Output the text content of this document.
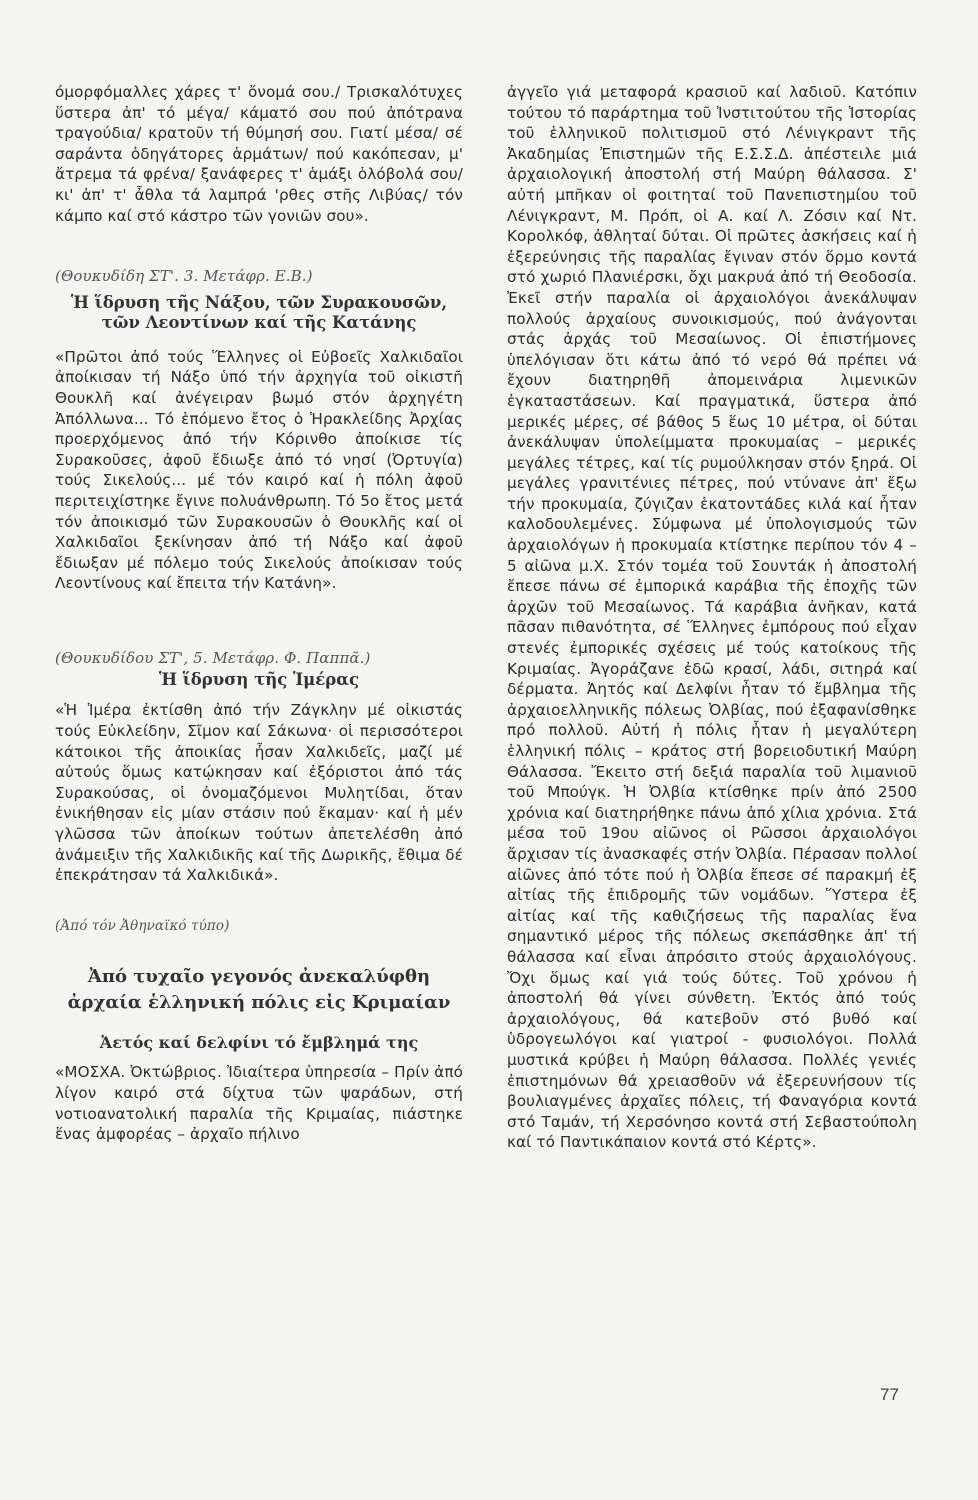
όμορφόμαλλες χάρες τ' ὄνομά σου./ Τρισκαλότυχες ὕστερα ἀπ' τό μέγα/ κάματό σου πού ἀπότρανα τραγούδια/ κρατοῦν τή θύμησή σου. Γιατί μέσα/ σέ σαράντα ὁδηγάτορες ἁρμάτων/ πού κακόπεσαν, μ' ἄτρεμα τά φρένα/ ξανάφερες τ' ἁμάξι ὁλόβολά σου/ κι' ἀπ' τ' ἆθλα τά λαμπρά 'ρθες στῆς Λιβύας/ τόν κάμπο καί στό κάστρο τῶν γονιῶν σου».

(Θουκυδίδη ΣΤ'. 3. Μετάφρ. Ε.Β.)

Ἡ ἵδρυση τῆς Νάξου, τῶν Συρακουσῶν, τῶν Λεοντίνων καί τῆς Κατάνης

«Πρῶτοι ἀπό τούς Ἕλληνες οἱ Εὐβοεῖς Χαλκιδαῖοι ἀποίκισαν τή Νάξο ὑπό τήν ἀρχηγία τοῦ οἰκιστῆ Θουκλῆ καί ἀνέγειραν βωμό στόν ἀρχηγέτη Ἀπόλλωνα... Τό ἑπόμενο ἔτος ὁ Ἡρακλείδης Ἀρχίας προερχόμενος ἀπό τήν Κόρινθο ἀποίκισε τίς Συρακοῦσες, ἀφοῦ ἔδιωξε ἀπό τό νησί (Ὀρτυγία) τούς Σικελούς... μέ τόν καιρό καί ἡ πόλη ἀφοῦ περιτειχίστηκε ἔγινε πολυάνθρωπη. Τό 5ο ἔτος μετά τόν ἀποικισμό τῶν Συρακουσῶν ὁ Θουκλῆς καί οἱ Χαλκιδαῖοι ξεκίνησαν ἀπό τή Νάξο καί ἀφοῦ ἔδιωξαν μέ πόλεμο τούς Σικελούς ἀποίκισαν τούς Λεοντίνους καί ἔπειτα τήν Κατάνη».

(Θουκυδίδου ΣΤ', 5. Μετάφρ. Φ. Παππᾶ.)

Ἡ ἵδρυση τῆς Ἱμέρας

«Ἡ Ἱμέρα ἐκτίσθη ἀπό τήν Ζάγκλην μέ οἰκιστάς τούς Εὐκλείδην, Σῖμον καί Σάκωνα· οἱ περισσότεροι κάτοικοι τῆς ἀποικίας ἦσαν Χαλκιδεῖς, μαζί μέ αὐτούς ὅμως κατῴκησαν καί ἐξόριστοι ἀπό τάς Συρακούσας, οἱ ὀνομαζόμενοι Μυλητίδαι, ὅταν ἐνικήθησαν εἰς μίαν στάσιν πού ἔκαμαν· καί ἡ μέν γλῶσσα τῶν ἀποίκων τούτων ἀπετελέσθη ἀπό ἀνάμειξιν τῆς Χαλκιδικῆς καί τῆς Δωρικῆς, ἔθιμα δέ ἐπεκράτησαν τά Χαλκιδικά».

(Ἀπό τόν Ἀθηναϊκό τύπο)

Ἀπό τυχαῖο γεγονός ἀνεκαλύφθη ἀρχαία ἑλληνική πόλις εἰς Κριμαίαν
Ἀετός καί δελφίνι τό ἔμβλημά της

«ΜΟΣΧΑ. Ὀκτώβριος. Ἰδιαίτερα ὑπηρεσία – Πρίν ἀπό λίγον καιρό στά δίχτυα τῶν ψαράδων, στή νοτιοανατολική παραλία τῆς Κριμαίας, πιάστηκε ἕνας ἀμφορέας – ἀρχαῖο πήλινο

ἀγγεῖο γιά μεταφορά κρασιοῦ καί λαδιοῦ. Κατόπιν τούτου τό παράρτημα τοῦ Ἰνστιτούτου τῆς Ἱστορίας τοῦ ἑλληνικοῦ πολιτισμοῦ στό Λένιγκραντ τῆς Ἀκαδημίας Ἐπιστημῶν τῆς Ε.Σ.Σ.Δ. ἀπέστειλε μιά ἀρχαιολογική ἀποστολή στή Μαύρη θάλασσα. Σ' αὐτή μπῆκαν οἱ φοιτηταί τοῦ Πανεπιστημίου τοῦ Λένιγκραντ, Μ. Πρόπ, οἱ Α. καί Λ. Ζόσιν καί Ντ. Κορολκόφ, ἀθληταί δύται. Οἱ πρῶτες ἀσκήσεις καί ἡ ἐξερεύνησις τῆς παραλίας ἔγιναν στόν ὅρμο κοντά στό χωριό Πλανιέρσκι, ὄχι μακρυά ἀπό τή Θεοδοσία. Ἐκεῖ στήν παραλία οἱ ἀρχαιολόγοι ἀνεκάλυψαν πολλούς ἀρχαίους συνοικισμούς, πού ἀνάγονται στάς ἀρχάς τοῦ Μεσαίωνος. Οἱ ἐπιστήμονες ὑπελόγισαν ὅτι κάτω ἀπό τό νερό θά πρέπει νά ἔχουν διατηρηθῆ ἀπομεινάρια λιμενικῶν ἐγκαταστάσεων. Καί πραγματικά, ὕστερα ἀπό μερικές μέρες, σέ βάθος 5 ἕως 10 μέτρα, οἱ δύται ἀνεκάλυψαν ὑπολείμματα προκυμαίας – μερικές μεγάλες τέτρες, καί τίς ρυμούλκησαν στόν ξηρά. Οἱ μεγάλες γρανιτένιες πέτρες, πού ντύνανε ἀπ' ἔξω τήν προκυμαία, ζύγιζαν ἑκατοντάδες κιλά καί ἦταν καλοδουλεμένες. Σύμφωνα μέ ὑπολογισμούς τῶν ἀρχαιολόγων ἡ προκυμαία κτίστηκε περίπου τόν 4 – 5 αἰῶνα μ.Χ. Στόν τομέα τοῦ Σουντάκ ἡ ἀποστολή ἔπεσε πάνω σέ ἐμπορικά καράβια τῆς ἐποχῆς τῶν ἀρχῶν τοῦ Μεσαίωνος. Τά καράβια ἀνῆκαν, κατά πᾶσαν πιθανότητα, σέ Ἕλληνες ἐμπόρους πού εἶχαν στενές ἐμπορικές σχέσεις μέ τούς κατοίκους τῆς Κριμαίας. Ἀγοράζανε ἐδῶ κρασί, λάδι, σιτηρά καί δέρματα. Ἀητός καί Δελφίνι ἦταν τό ἔμβλημα τῆς ἀρχαιοελληνικῆς πόλεως Ὀλβίας, πού ἐξαφανίσθηκε πρό πολλοῦ. Αὐτή ἡ πόλις ἦταν ἡ μεγαλύτερη ἑλληνική πόλις – κράτος στή βορειοδυτική Μαύρη Θάλασσα. Ἔκειτο στή δεξιά παραλία τοῦ λιμανιοῦ τοῦ Μπούγκ. Ἡ Ὀλβία κτίσθηκε πρίν ἀπό 2500 χρόνια καί διατηρήθηκε πάνω ἀπό χίλια χρόνια. Στά μέσα τοῦ 19ου αἰῶνος οἱ Ρῶσσοι ἀρχαιολόγοι ἄρχισαν τίς ἀνασκαφές στήν Ὀλβία. Πέρασαν πολλοί αἰῶνες ἀπό τότε πού ἡ Ὀλβία ἔπεσε σέ παρακμή ἐξ αἰτίας τῆς ἐπιδρομῆς τῶν νομάδων. Ὕστερα ἐξ αἰτίας καί τῆς καθιζήσεως τῆς παραλίας ἕνα σημαντικό μέρος τῆς πόλεως σκεπάσθηκε ἀπ' τή θάλασσα καί εἶναι ἀπρόσιτο στούς ἀρχαιολόγους. Ὄχι ὅμως καί γιά τούς δύτες. Τοῦ χρόνου ἡ ἀποστολή θά γίνει σύνθετη. Ἐκτός ἀπό τούς ἀρχαιολόγους, θά κατεβοῦν στό βυθό καί ὑδρογεωλόγοι καί γιατροί - φυσιολόγοι. Πολλά μυστικά κρύβει ἡ Μαύρη θάλασσα. Πολλές γενιές ἐπιστημόνων θά χρειασθοῦν νά ἐξερευνήσουν τίς βουλιαγμένες ἀρχαῖες πόλεις, τή Φαναγόρια κοντά στό Ταμάν, τή Χερσόνησο κοντά στή Σεβαστούπολη καί τό Παντικάπαιον κοντά στό Κέρτς».

77
